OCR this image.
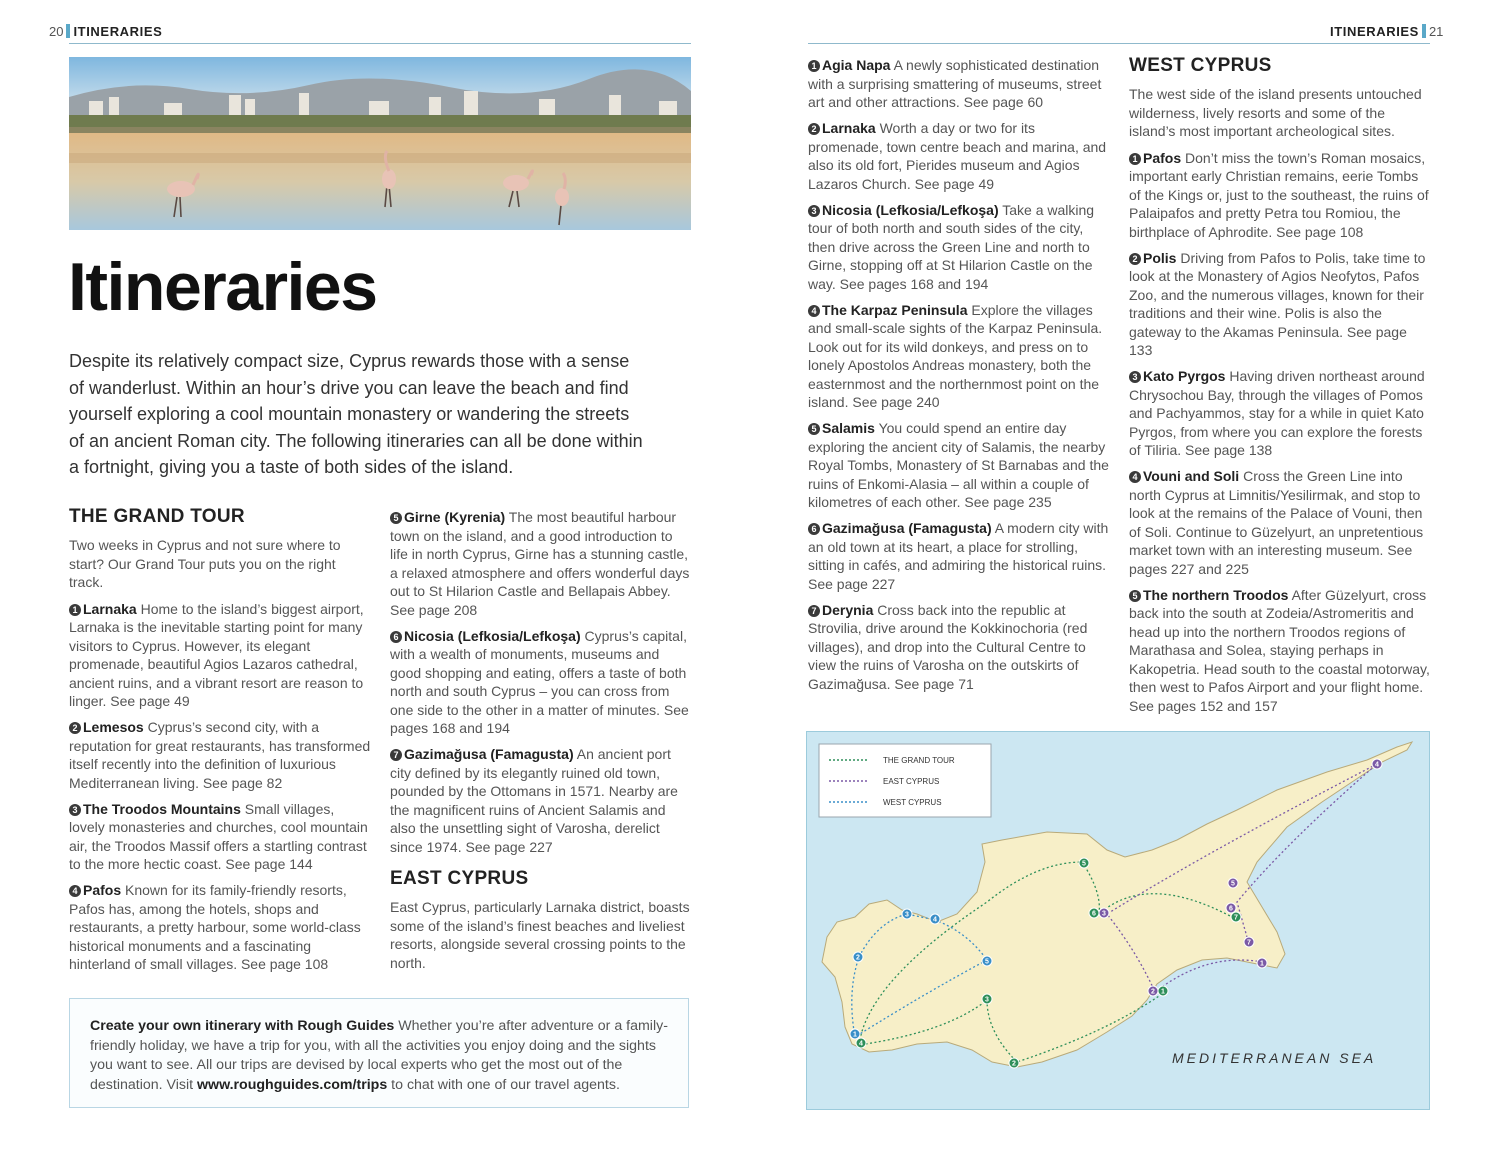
20 ITINERARIES
Itineraries

Despite its relatively compact size, Cyprus rewards those with a sense of wanderlust. Within an hour’s drive you can leave the beach and find yourself exploring a cool mountain monastery or wandering the streets of an ancient Roman city. The following itineraries can all be done within a fortnight, giving you a taste of both sides of the island.

THE GRAND TOUR

Two weeks in Cyprus and not sure where to start? Our Grand Tour puts you on the right track.

1 Larnaka Home to the island’s biggest airport, Larnaka is the inevitable starting point for many visitors to Cyprus. However, its elegant promenade, beautiful Agios Lazaros cathedral, ancient ruins, and a vibrant resort are reason to linger. See page 49

2 Lemesos Cyprus’s second city, with a reputation for great restaurants, has transformed itself recently into the definition of luxurious Mediterranean living. See page 82

3 The Troodos Mountains Small villages, lovely monasteries and churches, cool mountain air, the Troodos Massif offers a startling contrast to the more hectic coast. See page 144

4 Pafos Known for its family-friendly resorts, Pafos has, among the hotels, shops and restaurants, a pretty harbour, some world-class historical monuments and a fascinating hinterland of small villages. See page 108

5 Girne (Kyrenia) The most beautiful harbour town on the island, and a good introduction to life in north Cyprus, Girne has a stunning castle, a relaxed atmosphere and offers wonderful days out to St Hilarion Castle and Bellapais Abbey. See page 208

6 Nicosia (Lefkosia/Lefkoşa) Cyprus’s capital, with a wealth of monuments, museums and good shopping and eating, offers a taste of both north and south Cyprus – you can cross from one side to the other in a matter of minutes. See pages 168 and 194

7 Gazimağusa (Famagusta) An ancient port city defined by its elegantly ruined old town, pounded by the Ottomans in 1571. Nearby are the magnificent ruins of Ancient Salamis and also the unsettling sight of Varosha, derelict since 1974. See page 227

EAST CYPRUS

East Cyprus, particularly Larnaka district, boasts some of the island’s finest beaches and liveliest resorts, alongside several crossing points to the north.

Create your own itinerary with Rough Guides Whether you’re after adventure or a family-friendly holiday, we have a trip for you, with all the activities you enjoy doing and the sights you want to see. All our trips are devised by local experts who get the most out of the destination. Visit www.roughguides.com/trips to chat with one of our travel agents.

ITINERARIES 21

1 Agia Napa A newly sophisticated destination with a surprising smattering of museums, street art and other attractions. See page 60

2 Larnaka Worth a day or two for its promenade, town centre beach and marina, and also its old fort, Pierides museum and Agios Lazaros Church. See page 49

3 Nicosia (Lefkosia/Lefkoşa) Take a walking tour of both north and south sides of the city, then drive across the Green Line and north to Girne, stopping off at St Hilarion Castle on the way. See pages 168 and 194

4 The Karpaz Peninsula Explore the villages and small-scale sights of the Karpaz Peninsula. Look out for its wild donkeys, and press on to lonely Apostolos Andreas monastery, both the easternmost and the northernmost point on the island. See page 240

5 Salamis You could spend an entire day exploring the ancient city of Salamis, the nearby Royal Tombs, Monastery of St Barnabas and the ruins of Enkomi-Alasia – all within a couple of kilometres of each other. See page 235

6 Gazimağusa (Famagusta) A modern city with an old town at its heart, a place for strolling, sitting in cafés, and admiring the historical ruins. See page 227

7 Derynia Cross back into the republic at Strovilia, drive around the Kokkinochoria (red villages), and drop into the Cultural Centre to view the ruins of Varosha on the outskirts of Gazimağusa. See page 71

WEST CYPRUS

The west side of the island presents untouched wilderness, lively resorts and some of the island’s most important archeological sites.

1 Pafos Don’t miss the town’s Roman mosaics, important early Christian remains, eerie Tombs of the Kings or, just to the southeast, the ruins of Palaipafos and pretty Petra tou Romiou, the birthplace of Aphrodite. See page 108

2 Polis Driving from Pafos to Polis, take time to look at the Monastery of Agios Neofytos, Pafos Zoo, and the numerous villages, known for their traditions and their wine. Polis is also the gateway to the Akamas Peninsula. See page 133

3 Kato Pyrgos Having driven northeast around Chrysochou Bay, through the villages of Pomos and Pachyammos, stay for a while in quiet Kato Pyrgos, from where you can explore the forests of Tiliria. See page 138

4 Vouni and Soli Cross the Green Line into north Cyprus at Limnitis/Yesilirmak, and stop to look at the remains of the Palace of Vouni, then of Soli. Continue to Güzelyurt, an unpretentious market town with an interesting museum. See pages 227 and 225

5 The northern Troodos After Güzelyurt, cross back into the south at Zodeia/Astromeritis and head up into the northern Troodos regions of Marathasa and Solea, staying perhaps in Kakopetria. Head south to the coastal motorway, then west to Pafos Airport and your flight home. See pages 152 and 157

THE GRAND TOUR
EAST CYPRUS
WEST CYPRUS
MEDITERRANEAN SEA
1
2
3
4
5
6
7
1
2
3
4
5
6
7
1
2
3
4
5
